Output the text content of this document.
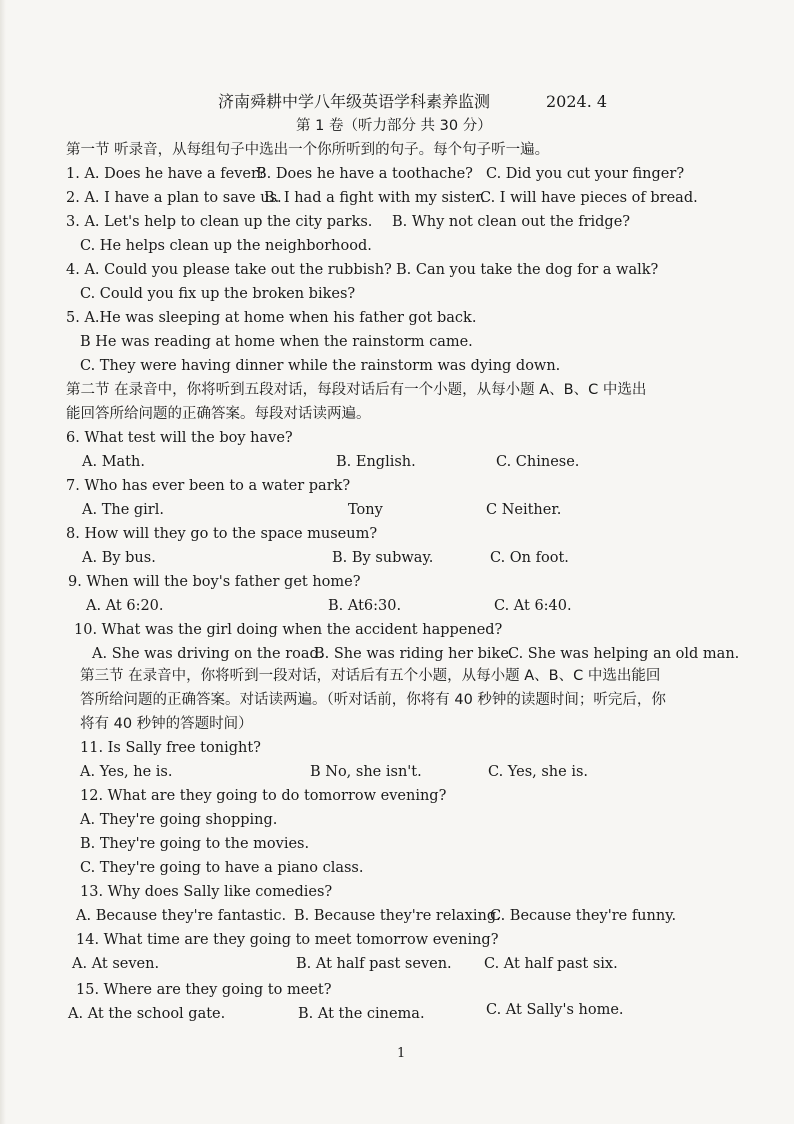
济南舜耕中学八年级英语学科素养监测	2024. 4
第 1 卷（听力部分 共 30 分）
第一节 听录音，从每组句子中选出一个你所听到的句子。每个句子听一遍。
1. A. Does he have a fever?
B. Does he have a toothache? C. Did you cut your finger?
2. A. I have a plan to save us.
B. I had a fight with my sister.
C. I will have pieces of bread.
3. A. Let's help to clean up the city parks. B. Why not clean out the fridge?
C. He helps clean up the neighborhood.
4. A. Could you please take out the rubbish? B. Can you take the dog for a walk?
C. Could you fix up the broken bikes?
5. A.He was sleeping at home when his father got back.
B He was reading at home when the rainstorm came.
C. They were having dinner while the rainstorm was dying down.
第二节 在录音中，你将听到五段对话，每段对话后有一个小题，从每小题 A、B、C 中选出
能回答所给问题的正确答案。每段对话读两遍。
6. What test will the boy have?
A. Math.	B. English.	C. Chinese.
7. Who has ever been to a water park?
A. The girl.	Tony	C Neither.
8. How will they go to the space museum?
A. By bus.	B. By subway.	C. On foot.
9. When will the boy's father get home?
A. At 6:20.	B. At6:30.	C. At 6:40.
10. What was the girl doing when the accident happened?
A. She was driving on the road.
B. She was riding her bike.
C. She was helping an old man.
第三节 在录音中，你将听到一段对话，对话后有五个小题，从每小题 A、B、C 中选出能回
答所给问题的正确答案。对话读两遍。（听对话前，你将有 40 秒钟的读题时间；听完后，你
将有 40 秒钟的答题时间）
11. Is Sally free tonight?
A. Yes, he is.	B No, she isn't.	C. Yes, she is.
12. What are they going to do tomorrow evening?
A. They're going shopping.
B. They're going to the movies.
C. They're going to have a piano class.
13. Why does Sally like comedies?
A. Because they're fantastic. B. Because they're relaxing.
C. Because they're funny.
14. What time are they going to meet tomorrow evening?
A. At seven.	B. At half past seven. C. At half past six.
15. Where are they going to meet?
A. At the school gate.	B. At the cinema.	C. At Sally's home.
1
